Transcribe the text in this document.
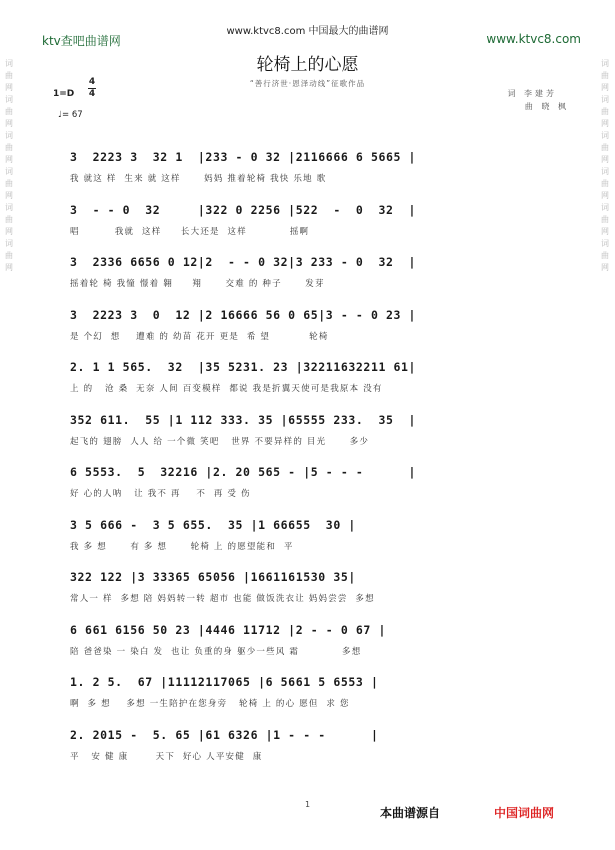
ktv查吧曲谱网
www.ktvc8.com 中国最大的曲谱网
www.ktvc8.com
轮椅上的心愿
“善行济世·恩泽动线”征歌作品
词 李建芳
曲 晓 枫
1=D
4
4
♩= 67
词曲网词曲网词曲网词曲网词曲网词曲网
词曲网词曲网词曲网词曲网词曲网词曲网
3  2223 3  32 1  |233 - 0 32 |2116666 6 5665 |
我 就这 样  生来 就 这样      妈妈 推着轮椅 我快 乐地 歌
3  - - 0  32     |322 0 2256 |522  -  0  32  |
唱         我就  这样     长大还是  这样           摇啊
3  2336 6656 0 12|2  - - 0 32|3 233 - 0  32  |
摇着轮 椅 我憧 憬着 翱     翔      交难 的 种子      发芽
3  2223 3  0  12 |2 16666 56 0 65|3 - - 0 23 |
是 个幻  想    遭难 的 幼苗 花开 更是  希 望          轮椅
2. 1 1 565.  32  |35 5231. 23 |32211632211 61|
上 的   沧 桑  无奈 人间 百变模样  都说 我是折翼天使可是我原本 没有
352 611.  55 |1 112 333. 35 |65555 233.  35  |
起飞的 翅膀  人人 给 一个微 笑吧   世界 不要异样的 目光      多少
6 5553.  5  32216 |2. 20 565 - |5 - - -      |
好 心的人呐   让 我不 再    不  再 受 伤
3 5 666 -  3 5 655.  35 |1 66655  30 |
我 多 想      有 多 想      轮椅 上 的愿望能和  平
322 122 |3 33365 65056 |1661161530 35|
常人一 样  多想 陪 妈妈转一转 超市 也能 做饭洗衣让 妈妈尝尝  多想
6 661 6156 50 23 |4446 11712 |2 - - 0 67 |
陪 爸爸染 一 染白 发  也让 负重的身 躯少一些风 霜           多想
1. 2 5.  67 |11112117065 |6 5661 5 6553 |
啊  多 想    多想 一生陪护在您身旁   轮椅 上 的心 愿但  求 您
2. 2015 -  5. 65 |61 6326 |1 - - -      |
平   安 健 康       天下  好心 人平安健  康
1
本曲谱源自	中国词曲网
